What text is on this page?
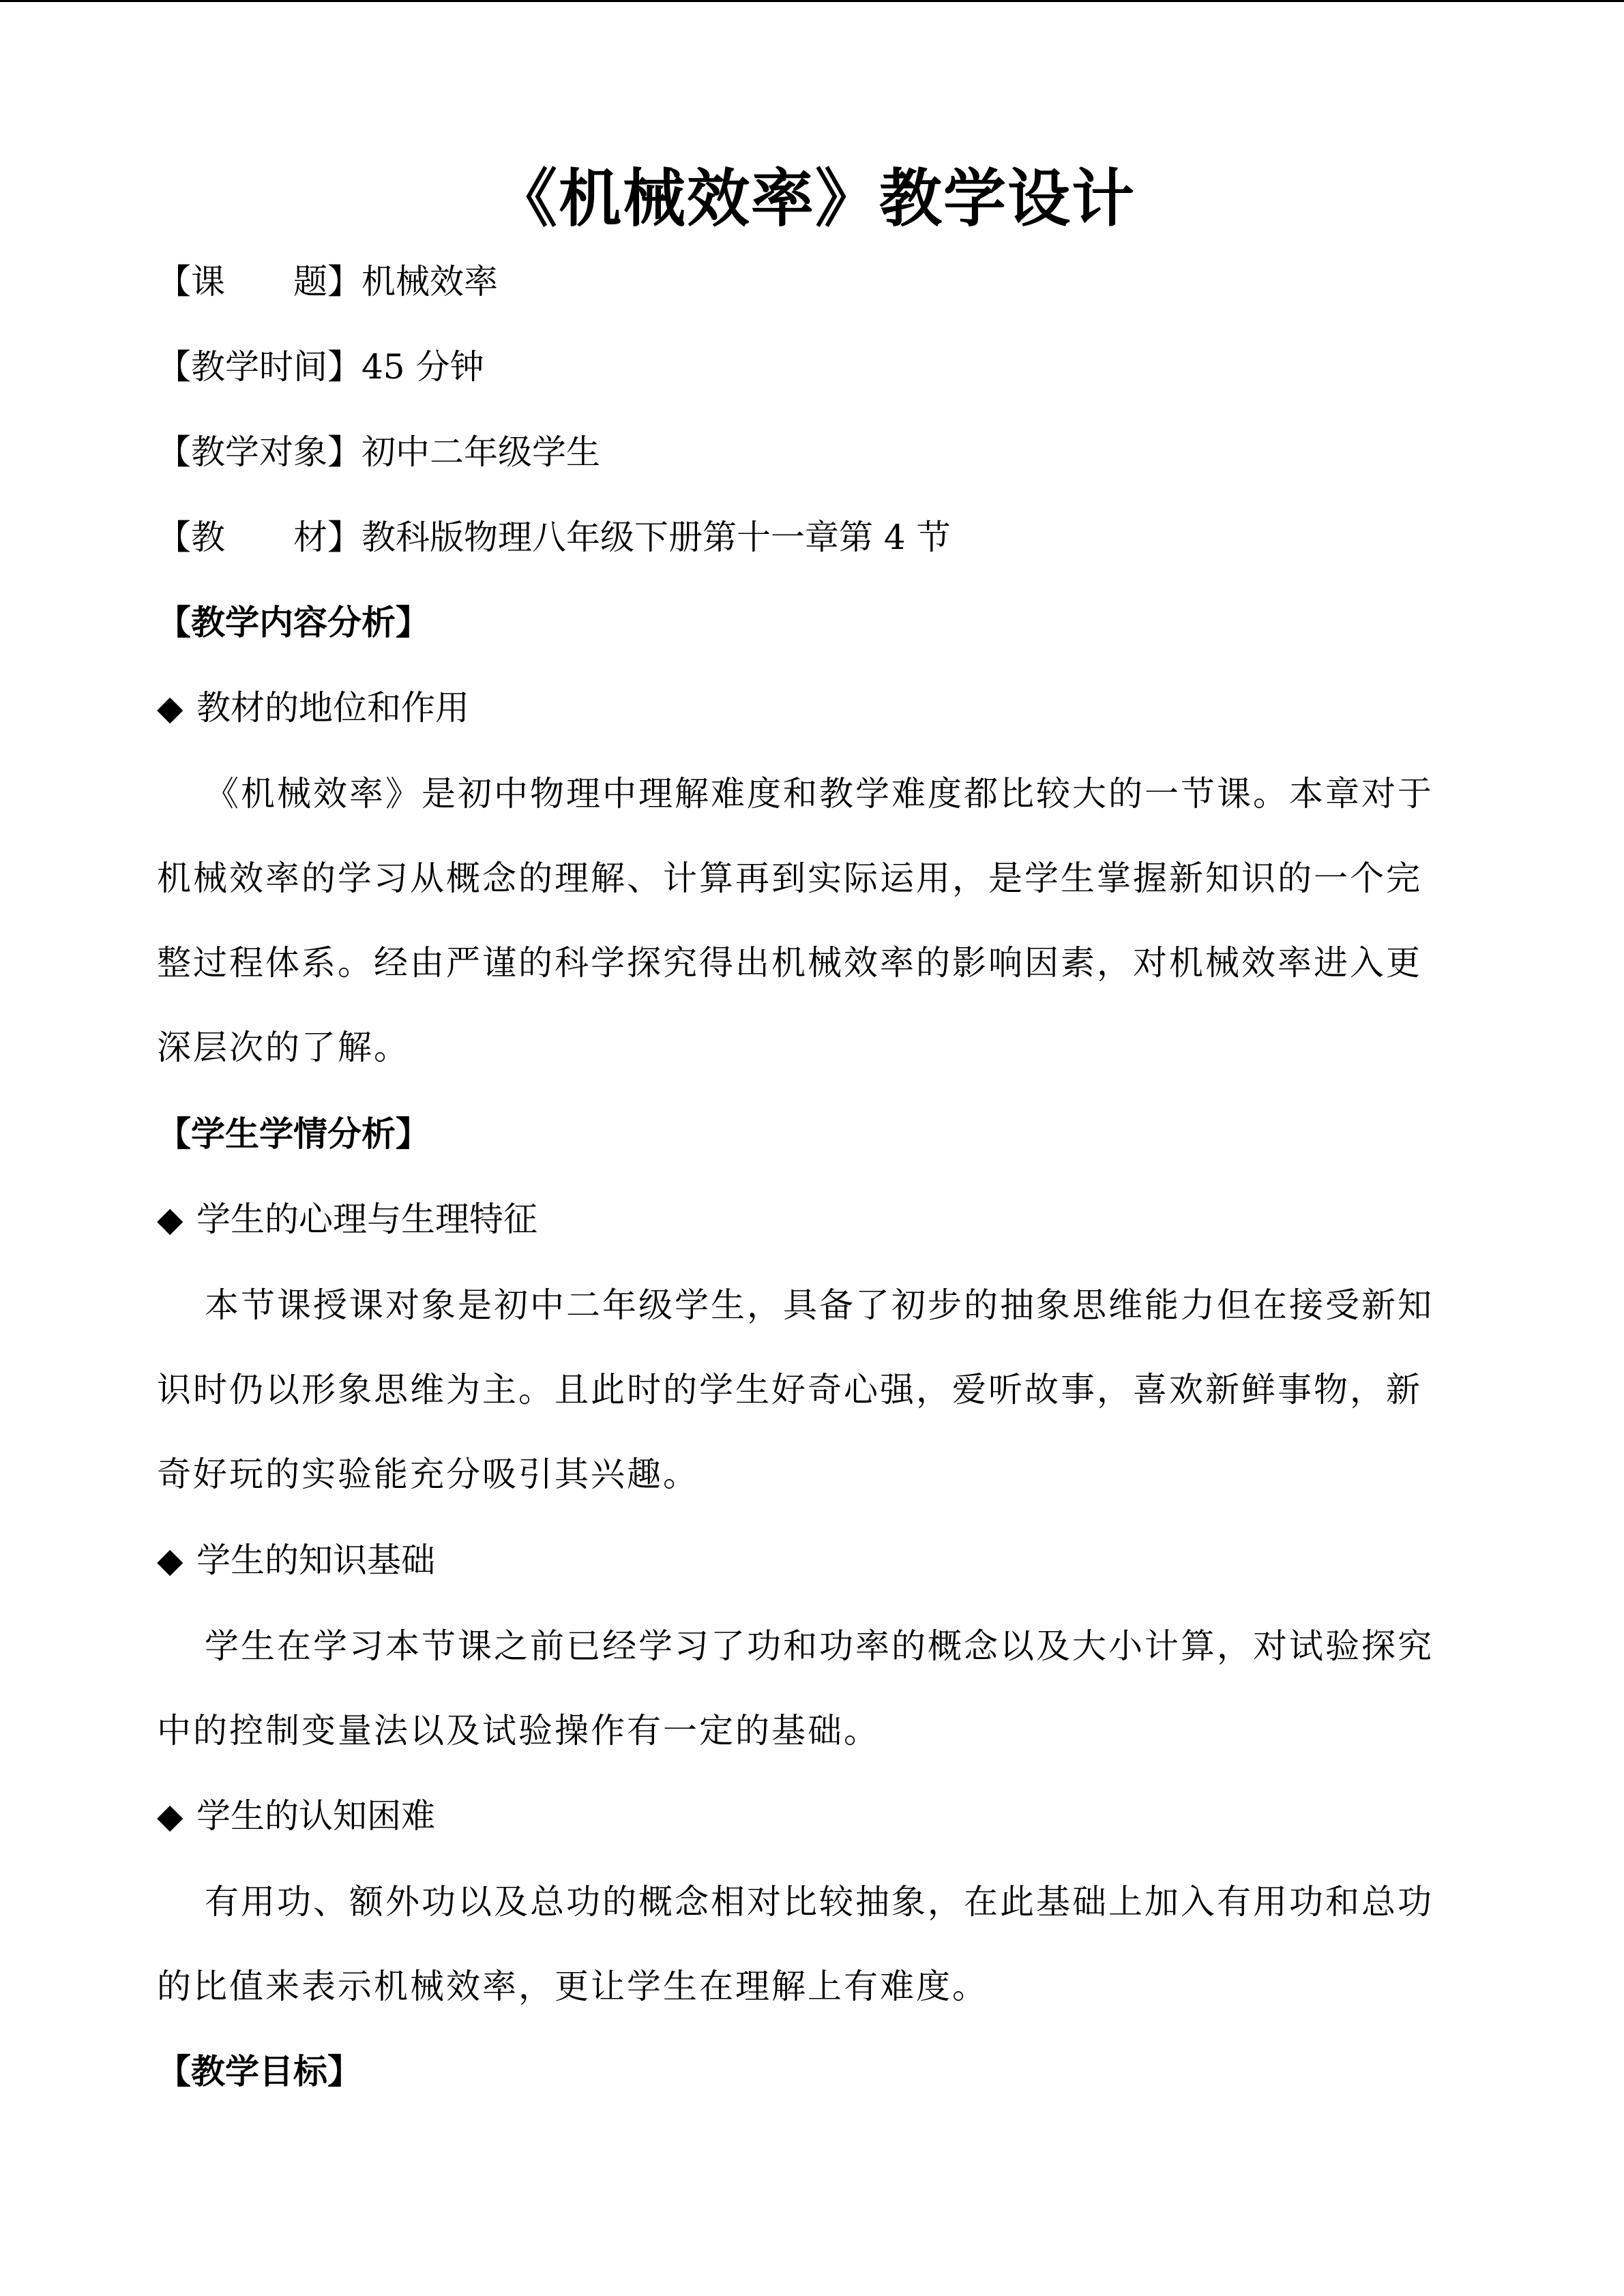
《机械效率》教学设计
【课 题】机械效率
【教学时间】45 分钟
【教学对象】初中二年级学生
【教 材】教科版物理八年级下册第十一章第 4 节
【教学内容分析】
◆ 教材的地位和作用
《机械效率》是初中物理中理解难度和教学难度都比较大的一节课。本章对于机械效率的学习从概念的理解、计算再到实际运用，是学生掌握新知识的一个完整过程体系。经由严谨的科学探究得出机械效率的影响因素，对机械效率进入更深层次的了解。
【学生学情分析】
◆ 学生的心理与生理特征
本节课授课对象是初中二年级学生，具备了初步的抽象思维能力但在接受新知识时仍以形象思维为主。且此时的学生好奇心强，爱听故事，喜欢新鲜事物，新奇好玩的实验能充分吸引其兴趣。
◆ 学生的知识基础
学生在学习本节课之前已经学习了功和功率的概念以及大小计算，对试验探究中的控制变量法以及试验操作有一定的基础。
◆ 学生的认知困难
有用功、额外功以及总功的概念相对比较抽象，在此基础上加入有用功和总功的比值来表示机械效率，更让学生在理解上有难度。
【教学目标】
